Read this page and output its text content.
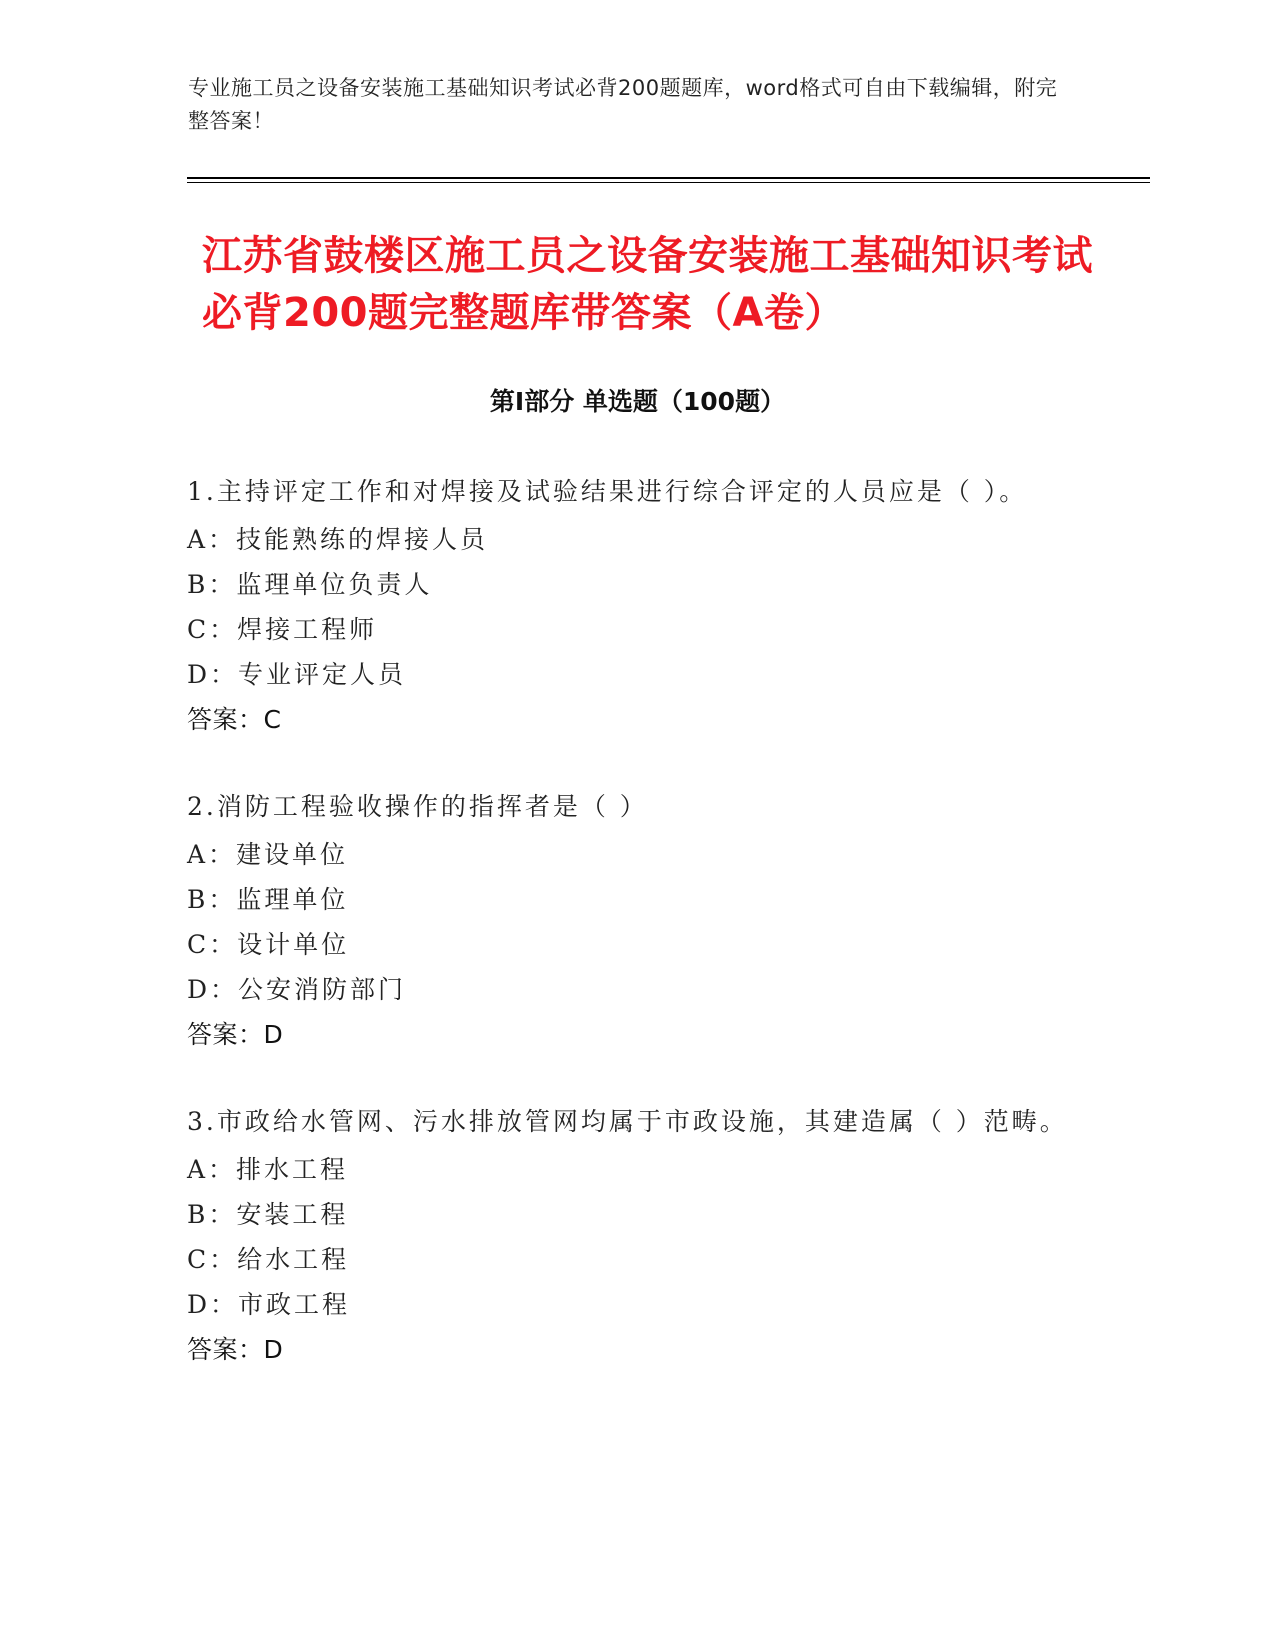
专业施工员之设备安装施工基础知识考试必背200题题库，word格式可自由下载编辑，附完整答案！
江苏省鼓楼区施工员之设备安装施工基础知识考试必背200题完整题库带答案（A卷）
第Ⅰ部分 单选题（100题）
1.主持评定工作和对焊接及试验结果进行综合评定的人员应是（ ）。
A：技能熟练的焊接人员
B：监理单位负责人
C：焊接工程师
D：专业评定人员
答案：C
2.消防工程验收操作的指挥者是（ ）
A：建设单位
B：监理单位
C：设计单位
D：公安消防部门
答案：D
3.市政给水管网、污水排放管网均属于市政设施，其建造属（ ）范畴。
A：排水工程
B：安装工程
C：给水工程
D：市政工程
答案：D
